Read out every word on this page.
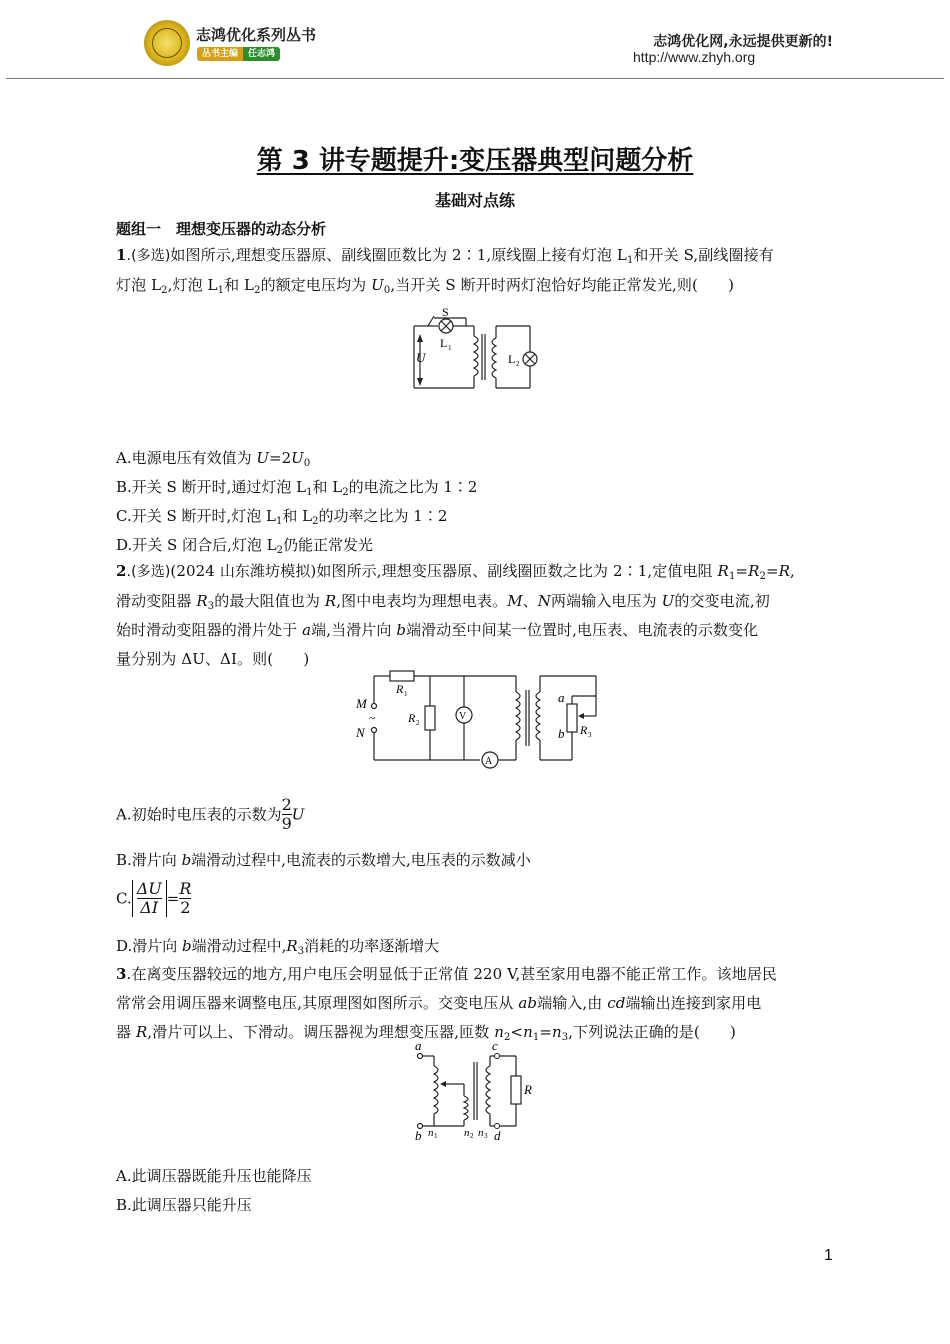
志鸿优化系列丛书
丛书主编	任志鸿
志鸿优化网,永远提供更新的!
http://www.zhyh.org
第 3 讲专题提升:变压器典型问题分析
基础对点练
题组一　理想变压器的动态分析
1.(多选)如图所示,理想变压器原、副线圈匝数比为 2∶1,原线圈上接有灯泡 $L_1$和开关 S,副线圈接有
灯泡 $L_2$,灯泡 $L_1$和 $L_2$的额定电压均为 $U_0$,当开关 S 断开时两灯泡恰好均能正常发光,则(　　)
S
L 1
L 2
U
A.电源电压有效值为 $U=2U_0$
B.开关 S 断开时,通过灯泡 $L_1$和 $L_2$的电流之比为 1∶2
C.开关 S 断开时,灯泡 $L_1$和 $L_2$的功率之比为 1∶2
D.开关 S 闭合后,灯泡 $L_2$仍能正常发光
2.(多选)(2024 山东潍坊模拟)如图所示,理想变压器原、副线圈匝数之比为 2∶1,定值电阻 $R_1=R_2=R$,
滑动变阻器 $R_3$的最大阻值也为 R,图中电表均为理想电表。M、N两端输入电压为 U的交变电流,初
始时滑动变阻器的滑片处于 a端,当滑片向 b端滑动至中间某一位置时,电压表、电流表的示数变化
量分别为 ΔU、ΔI。则(　　)
M
N
~
R 1
R 2
V
A
a
b R 3
A.初始时电压表的示数为 $\frac{2}{9}$ U
B.滑片向 b端滑动过程中,电流表的示数增大,电压表的示数减小
C. $\frac{\Delta U}{\Delta I} = \frac{R}{2}$
D.滑片向 b端滑动过程中$,R_3$消耗的功率逐渐增大
3.在离变压器较远的地方,用户电压会明显低于正常值 220 V,甚至家用电器不能正常工作。该地居民
常常会用调压器来调整电压,其原理图如图所示。交变电压从 ab端输入,由 cd端输出连接到家用电
器 R,滑片可以上、下滑动。调压器视为理想变压器,匝数 $n_2<n_1=n_3$,下列说法正确的是(　　)
a
b
c
d
R
n 1 n 2 n 3
A.此调压器既能升压也能降压
B.此调压器只能升压
1
